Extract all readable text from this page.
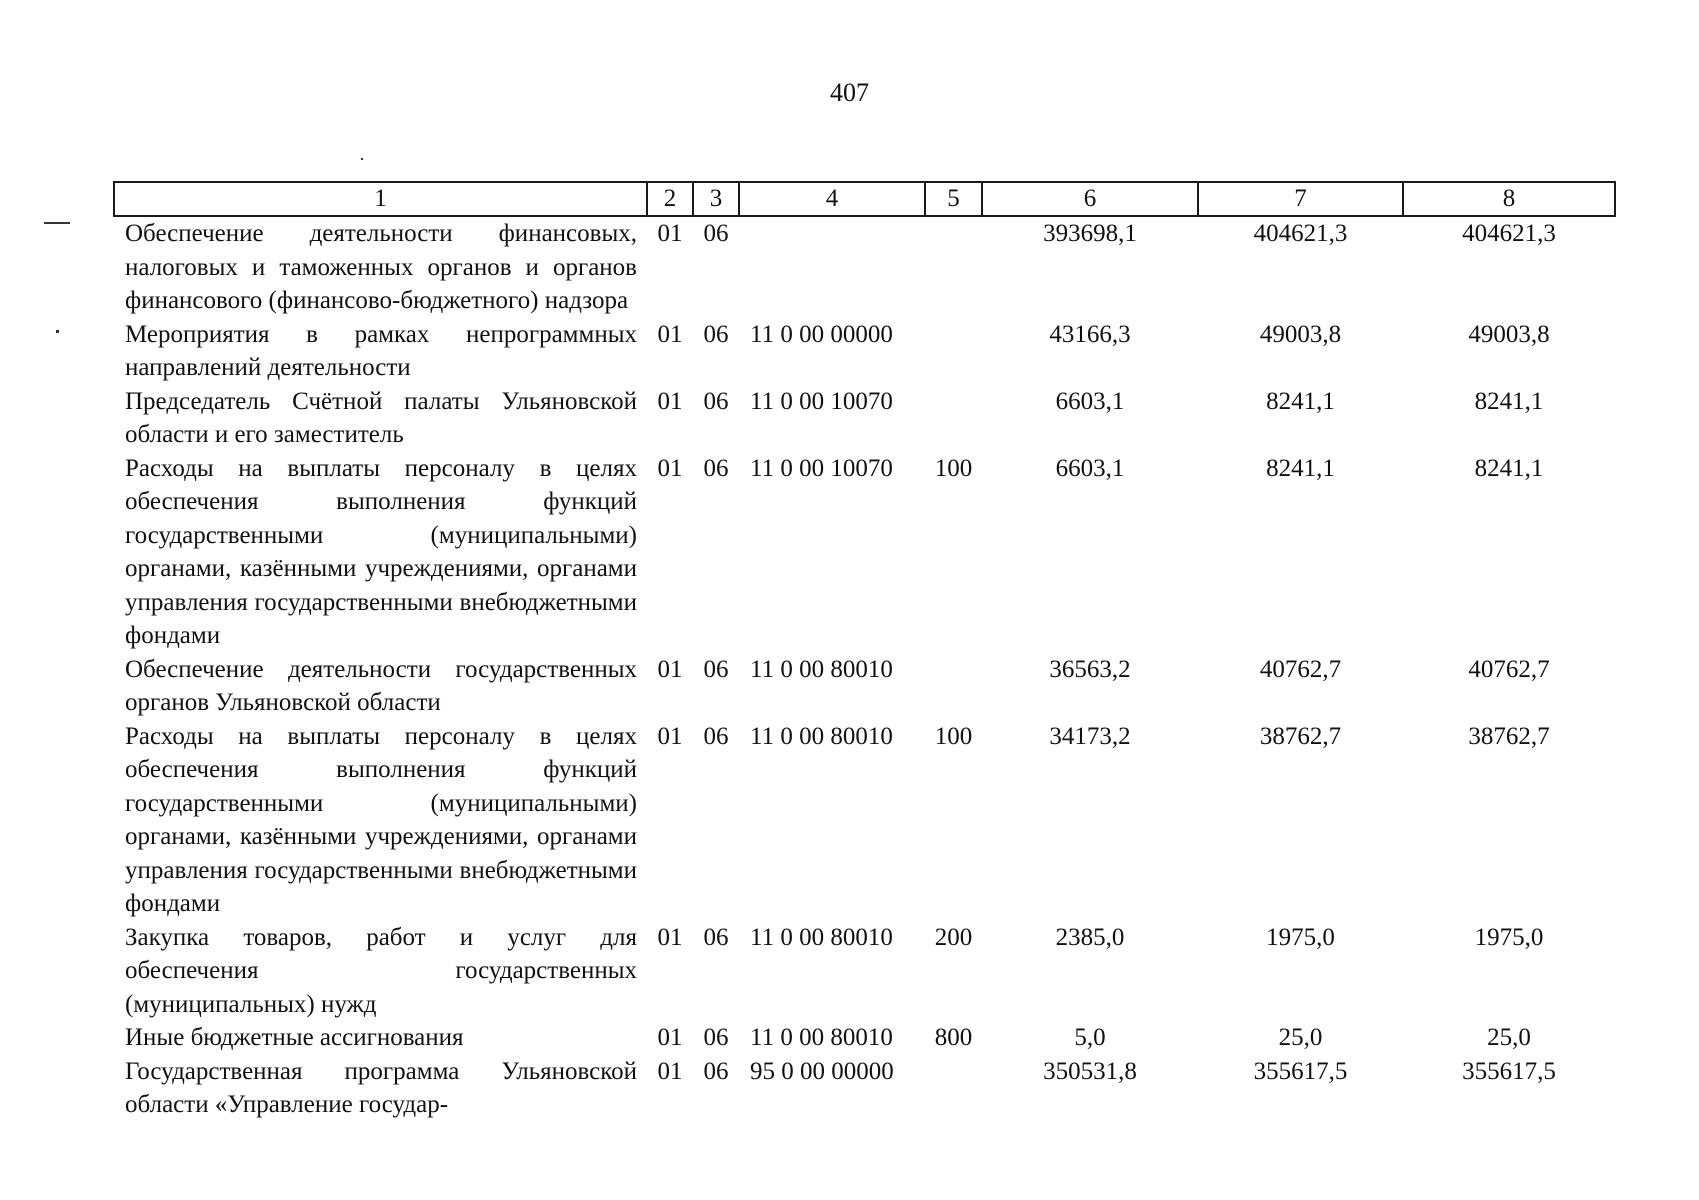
407
1	2	3	4	5	6	7	8
Обеспечение деятельности финансовых, налоговых и таможенных органов и органов финансового (финансово-бюджетного) надзора	01	06			393698,1	404621,3	404621,3
Мероприятия в рамках непрограммных направлений деятельности	01	06	11 0 00 00000		43166,3	49003,8	49003,8
Председатель Счётной палаты Ульяновской области и его заместитель	01	06	11 0 00 10070		6603,1	8241,1	8241,1
Расходы на выплаты персоналу в целях обеспечения выполнения функций государственными (муниципальными) органами, казёнными учреждениями, органами управления государственными внебюджетными фондами	01	06	11 0 00 10070	100	6603,1	8241,1	8241,1
Обеспечение деятельности государственных органов Ульяновской области	01	06	11 0 00 80010		36563,2	40762,7	40762,7
Расходы на выплаты персоналу в целях обеспечения выполнения функций государственными (муниципальными) органами, казёнными учреждениями, органами управления государственными внебюджетными фондами	01	06	11 0 00 80010	100	34173,2	38762,7	38762,7
Закупка товаров, работ и услуг для обеспечения государственных (муниципальных) нужд	01	06	11 0 00 80010	200	2385,0	1975,0	1975,0
Иные бюджетные ассигнования	01	06	11 0 00 80010	800	5,0	25,0	25,0
Государственная программа Ульяновской области «Управление государ-	01	06	95 0 00 00000		350531,8	355617,5	355617,5
